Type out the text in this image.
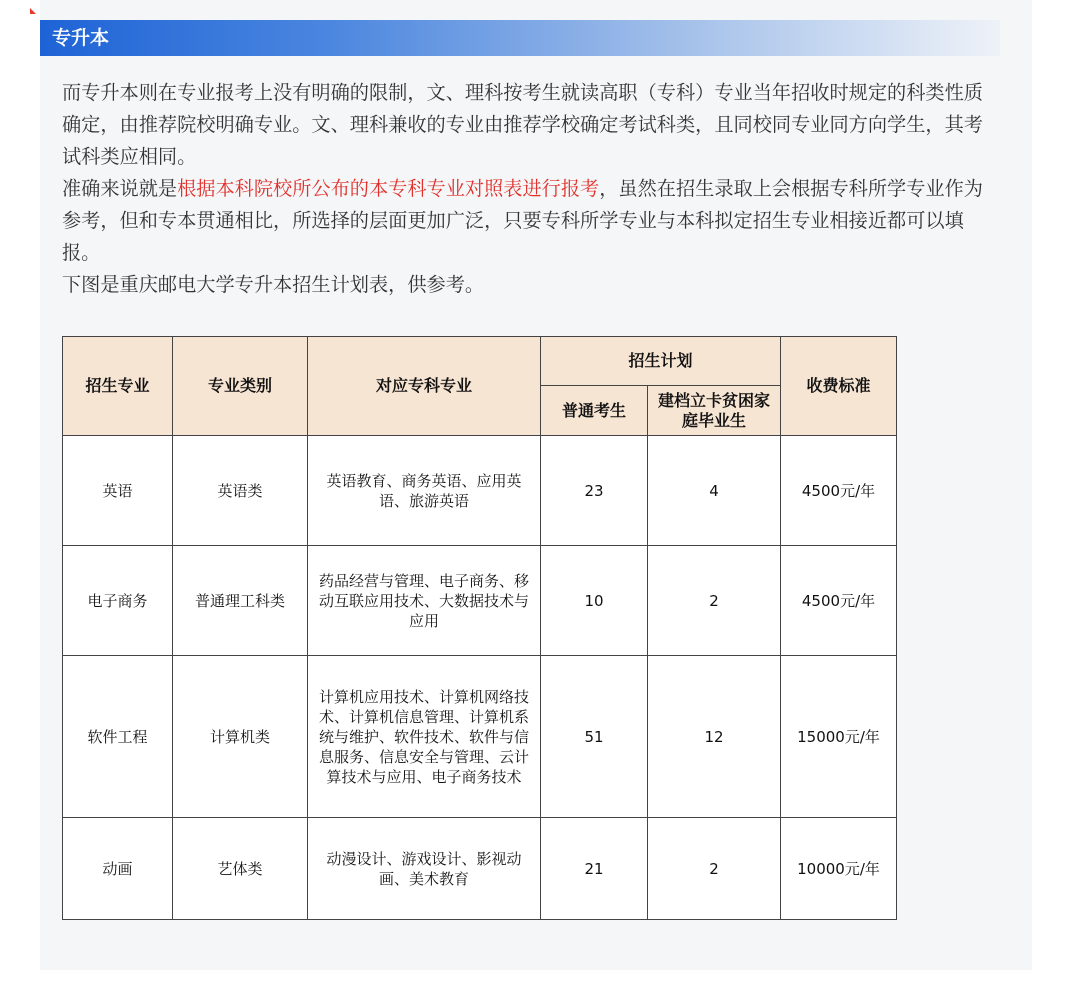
专升本

而专升本则在专业报考上没有明确的限制，文、理科按考生就读高职（专科）专业当年招收时规定的科类性质确定，由推荐院校明确专业。文、理科兼收的专业由推荐学校确定考试科类，且同校同专业同方向学生，其考试科类应相同。

准确来说就是根据本科院校所公布的本专科专业对照表进行报考，虽然在招生录取上会根据专科所学专业作为参考，但和专本贯通相比，所选择的层面更加广泛，只要专科所学专业与本科拟定招生专业相接近都可以填报。

下图是重庆邮电大学专升本招生计划表，供参考。

招生专业	专业类别	对应专科专业	招生计划		收费标准
			普通考生	建档立卡贫困家庭毕业生	
英语	英语类	英语教育、商务英语、应用英语、旅游英语	23	4	4500元/年
电子商务	普通理工科类	药品经营与管理、电子商务、移动互联应用技术、大数据技术与应用	10	2	4500元/年
软件工程	计算机类	计算机应用技术、计算机网络技术、计算机信息管理、计算机系统与维护、软件技术、软件与信息服务、信息安全与管理、云计算技术与应用、电子商务技术	51	12	15000元/年
动画	艺体类	动漫设计、游戏设计、影视动画、美术教育	21	2	10000元/年
